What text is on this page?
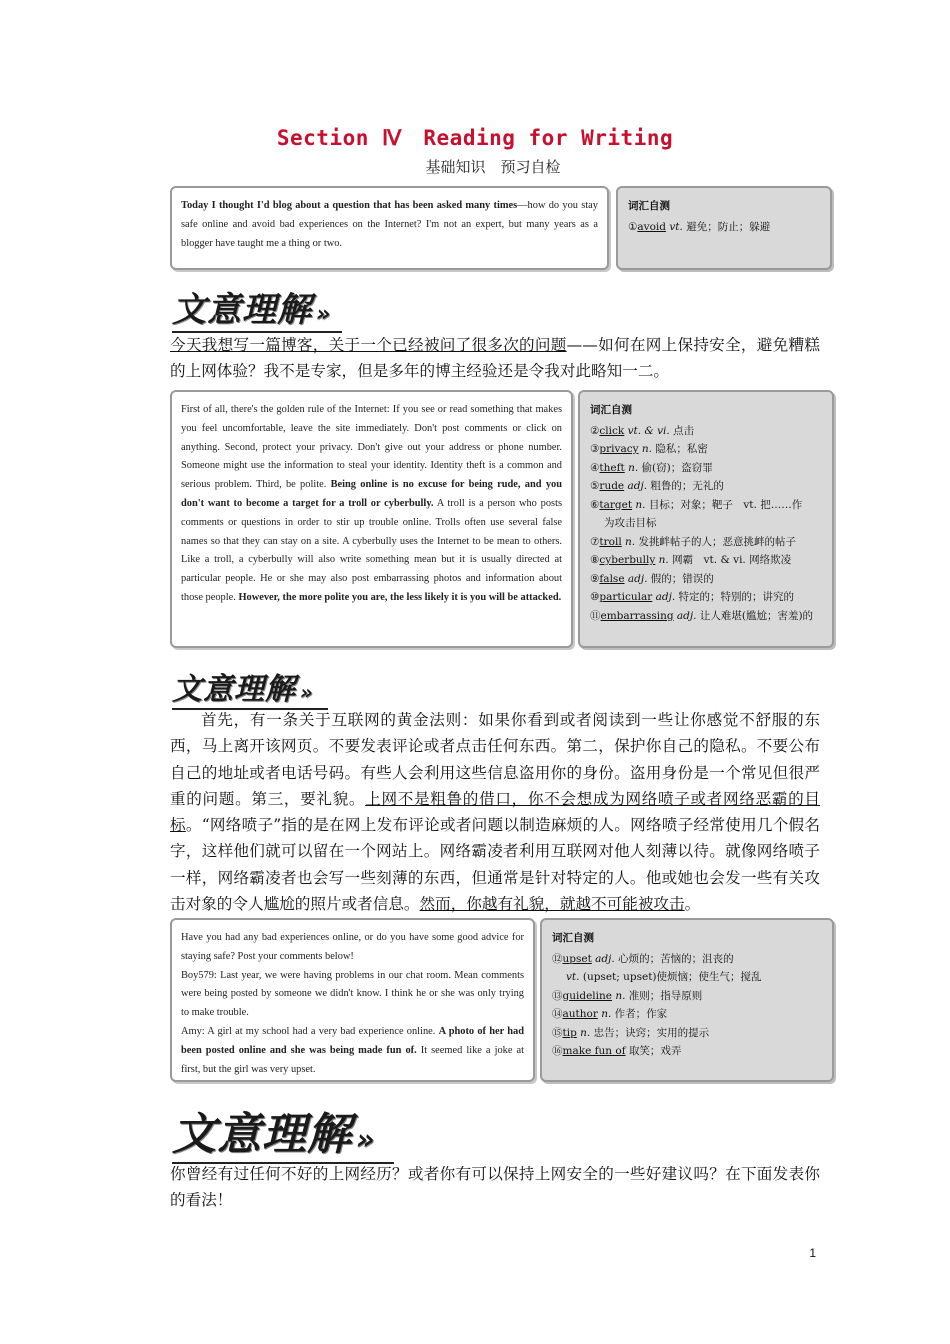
Section Ⅳ　Reading for Writing
基础知识　预习自检
Today I thought I'd blog about a question that has been asked many times—how do you stay safe online and avoid bad experiences on the Internet? I'm not an expert, but many years as a blogger have taught me a thing or two.
词汇自测
①avoid vt. 避免；防止；躲避
文意理解 »
今天我想写一篇博客，关于一个已经被问了很多次的问题——如何在网上保持安全，避免糟糕的上网体验？我不是专家，但是多年的博主经验还是令我对此略知一二。
First of all, there's the golden rule of the Internet: If you see or read something that makes you feel uncomfortable, leave the site immediately. Don't post comments or click on anything. Second, protect your privacy. Don't give out your address or phone number. Someone might use the information to steal your identity. Identity theft is a common and serious problem. Third, be polite. Being online is no excuse for being rude, and you don't want to become a target for a troll or cyberbully. A troll is a person who posts comments or questions in order to stir up trouble online. Trolls often use several false names so that they can stay on a site. A cyberbully uses the Internet to be mean to others. Like a troll, a cyberbully will also write something mean but it is usually directed at particular people. He or she may also post embarrassing photos and information about those people. However, the more polite you are, the less likely it is you will be attacked.
词汇自测
②click vt. & vi. 点击
③privacy n. 隐私；私密
④theft n. 偷(窃)；盗窃罪
⑤rude adj. 粗鲁的；无礼的
⑥target n. 目标；对象；靶子　vt. 把……作
为攻击目标
⑦troll n. 发挑衅帖子的人；恶意挑衅的帖子
⑧cyberbully n. 网霸　vt. & vi. 网络欺凌
⑨false adj. 假的；错误的
⑩particular adj. 特定的；特别的；讲究的
⑪embarrassing adj. 让人难堪(尴尬；害羞)的
文意理解 »
首先，有一条关于互联网的黄金法则：如果你看到或者阅读到一些让你感觉不舒服的东西，马上离开该网页。不要发表评论或者点击任何东西。第二，保护你自己的隐私。不要公布自己的地址或者电话号码。有些人会利用这些信息盗用你的身份。盗用身份是一个常见但很严重的问题。第三，要礼貌。上网不是粗鲁的借口，你不会想成为网络喷子或者网络恶霸的目标。“网络喷子”指的是在网上发布评论或者问题以制造麻烦的人。网络喷子经常使用几个假名字，这样他们就可以留在一个网站上。网络霸凌者利用互联网对他人刻薄以待。就像网络喷子一样，网络霸凌者也会写一些刻薄的东西，但通常是针对特定的人。他或她也会发一些有关攻击对象的令人尴尬的照片或者信息。然而，你越有礼貌，就越不可能被攻击。
Have you had any bad experiences online, or do you have some good advice for staying safe? Post your comments below!
Boy579: Last year, we were having problems in our chat room. Mean comments were being posted by someone we didn't know. I think he or she was only trying to make trouble.
Amy: A girl at my school had a very bad experience online. A photo of her had been posted online and she was being made fun of. It seemed like a joke at first, but the girl was very upset.
词汇自测
⑫upset adj. 心烦的；苦恼的；沮丧的
vt. (upset; upset)使烦恼；使生气；搅乱
⑬guideline n. 准则；指导原则
⑭author n. 作者；作家
⑮tip n. 忠告；诀窍；实用的提示
⑯make fun of 取笑；戏弄
文意理解 »
你曾经有过任何不好的上网经历？或者你有可以保持上网安全的一些好建议吗？在下面发表你的看法！
1
